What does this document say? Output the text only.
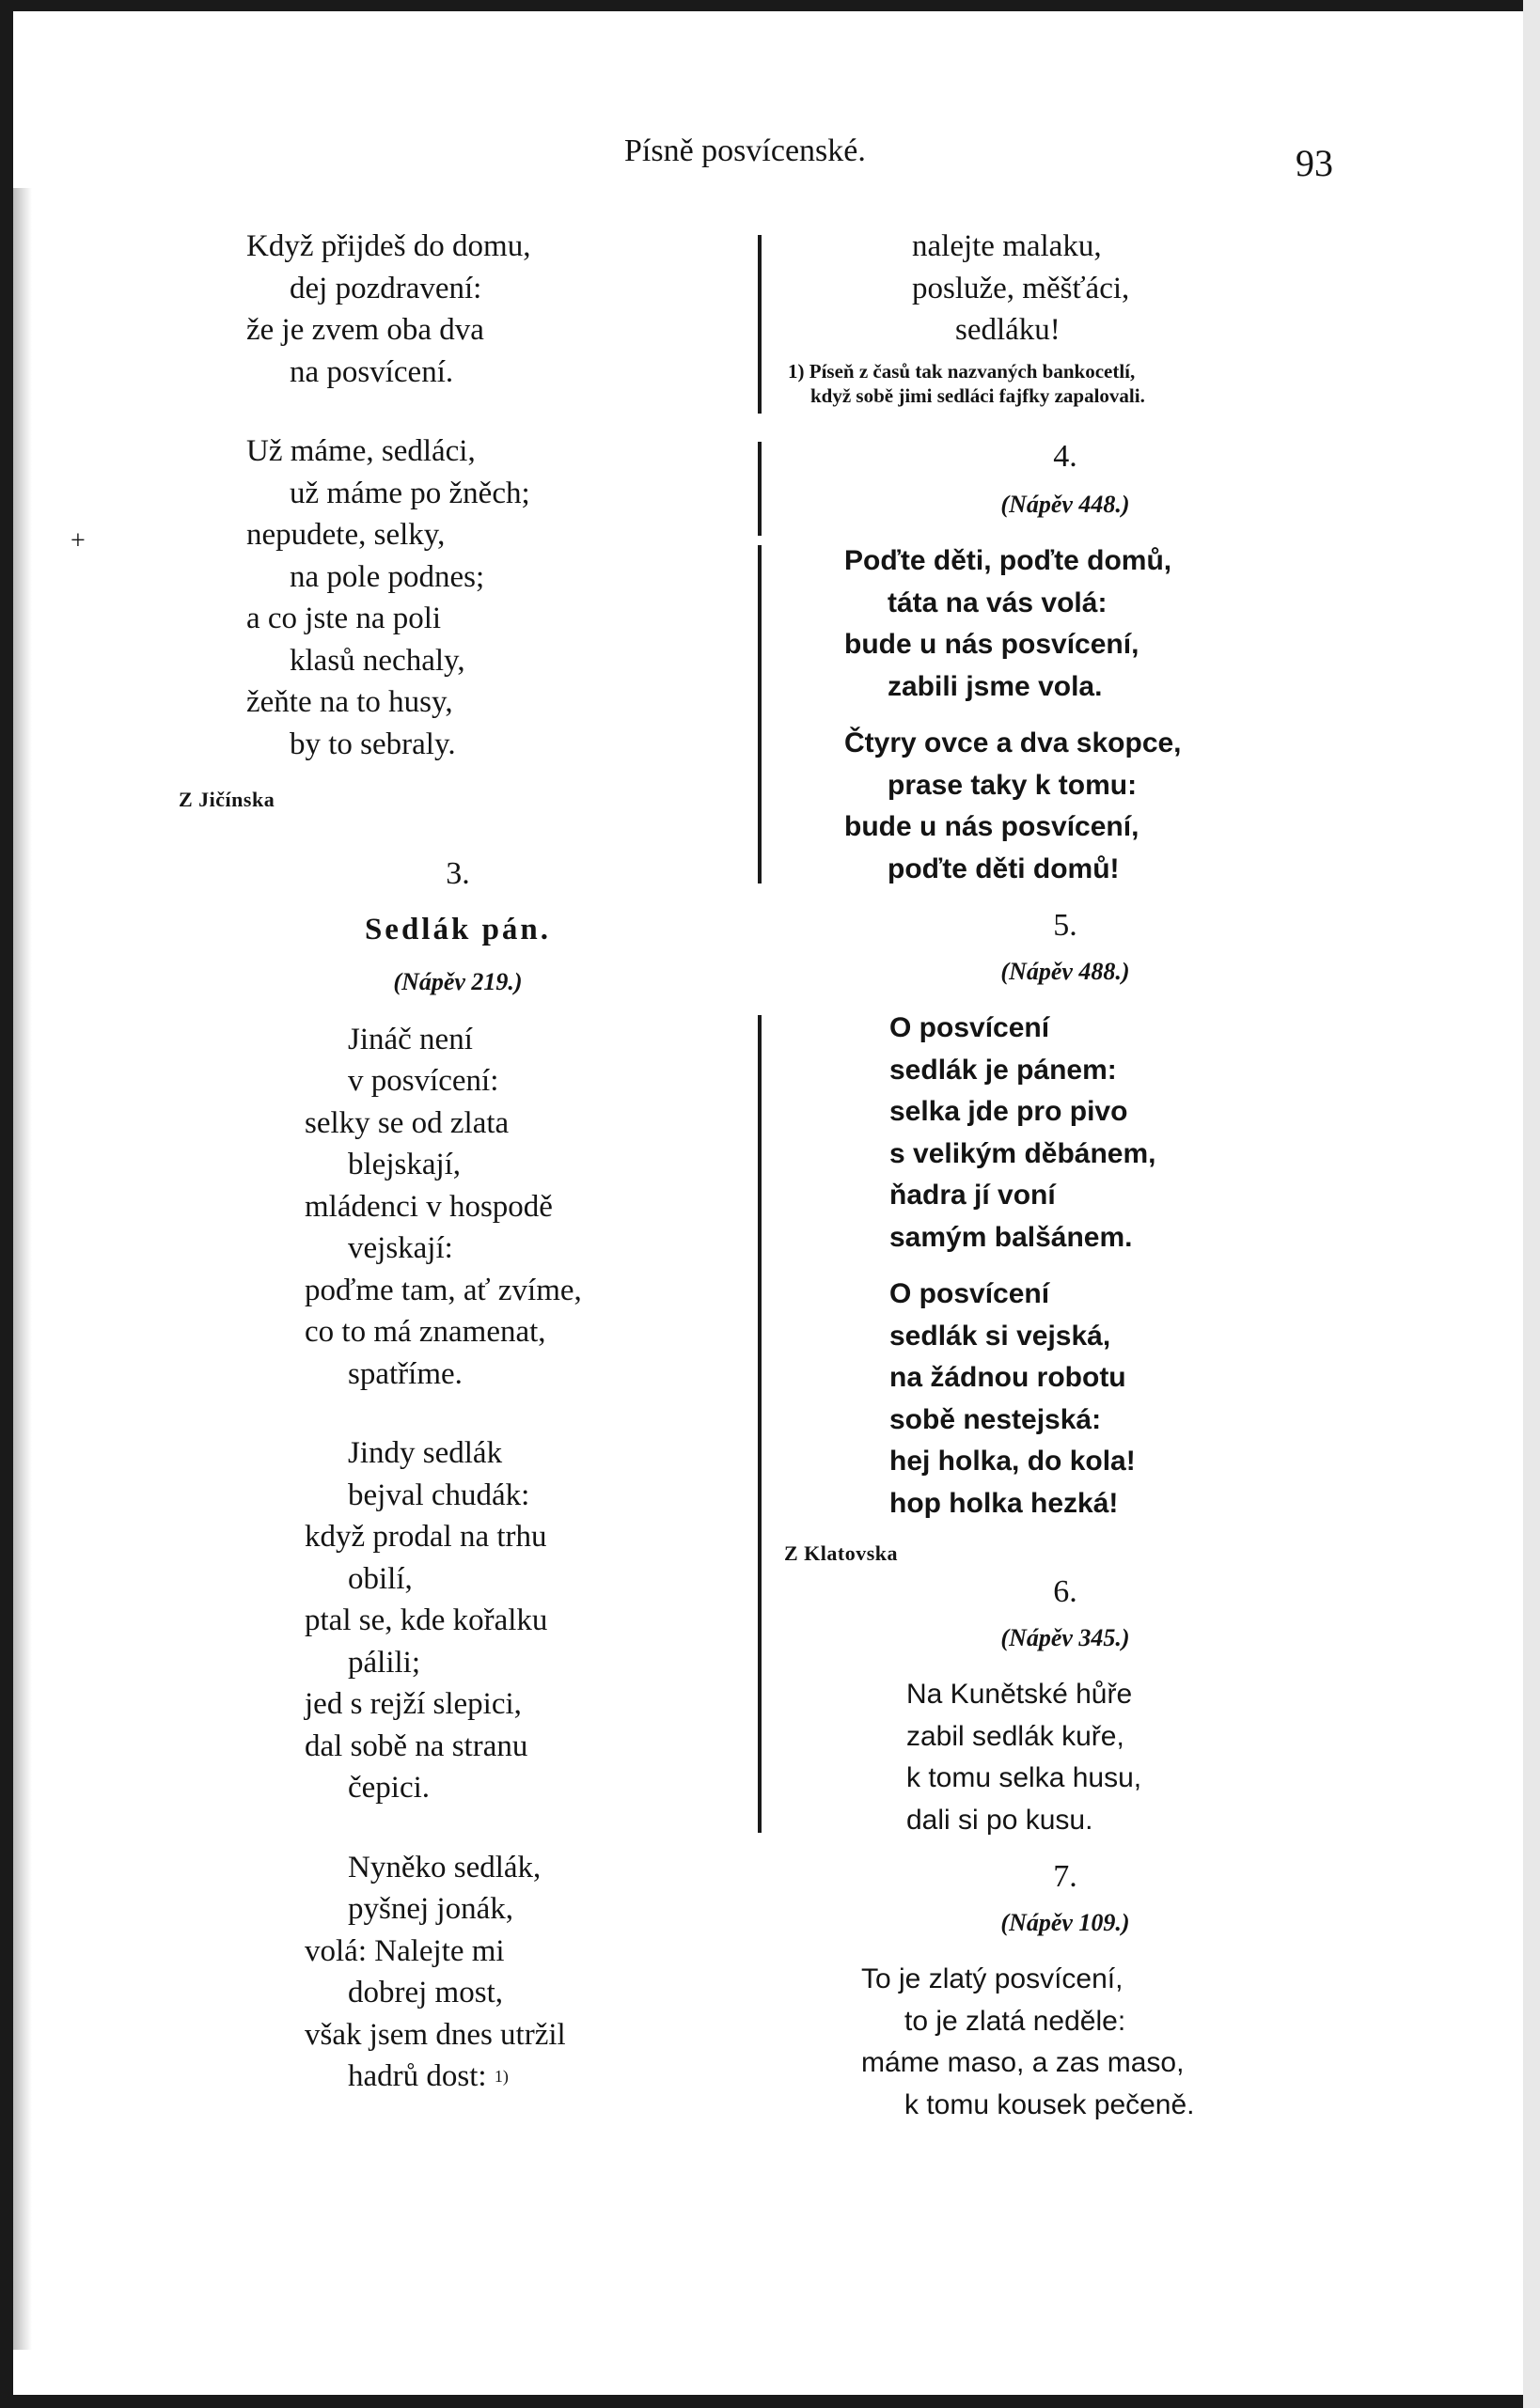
Písně posvícenské.	93
+
Když přijdeš do domu,
dej pozdravení:
že je zvem oba dva
na posvícení.
Už máme, sedláci,
už máme po žněch;
nepudete, selky,
na pole podnes;
a co jste na poli
klasů nechaly,
žeňte na to husy,
by to sebraly.
Z Jičínska
3.
Sedlák pán.
(Nápěv 219.)
Jináč není
v posvícení:
selky se od zlata
blejskají,
mládenci v hospodě
vejskají:
poďme tam, ať zvíme,
co to má znamenat,
spatříme.
Jindy sedlák
bejval chudák:
když prodal na trhu
obilí,
ptal se, kde kořalku
pálili;
jed s rejží slepici,
dal sobě na stranu
čepici.
Nyněko sedlák,
pyšnej jonák,
volá: Nalejte mi
dobrej most,
však jsem dnes utržil
hadrů dost: $^{1)}$
nalejte malaku,
posluže, měšťáci,
sedláku!
1) Píseň z časů tak nazvaných bankocetlí,
když sobě jimi sedláci fajfky zapalovali.
4.
(Nápěv 448.)
Poďte děti, poďte domů,
táta na vás volá:
bude u nás posvícení,
zabili jsme vola.
Čtyry ovce a dva skopce,
prase taky k tomu:
bude u nás posvícení,
poďte děti domů!
5.
(Nápěv 488.)
O posvícení
sedlák je pánem:
selka jde pro pivo
s velikým děbánem,
ňadra jí voní
samým balšánem.
O posvícení
sedlák si vejská,
na žádnou robotu
sobě nestejská:
hej holka, do kola!
hop holka hezká!
Z Klatovska
6.
(Nápěv 345.)
Na Kunětské hůře
zabil sedlák kuře,
k tomu selka husu,
dali si po kusu.
7.
(Nápěv 109.)
To je zlatý posvícení,
to je zlatá neděle:
máme maso, a zas maso,
k tomu kousek pečeně.
